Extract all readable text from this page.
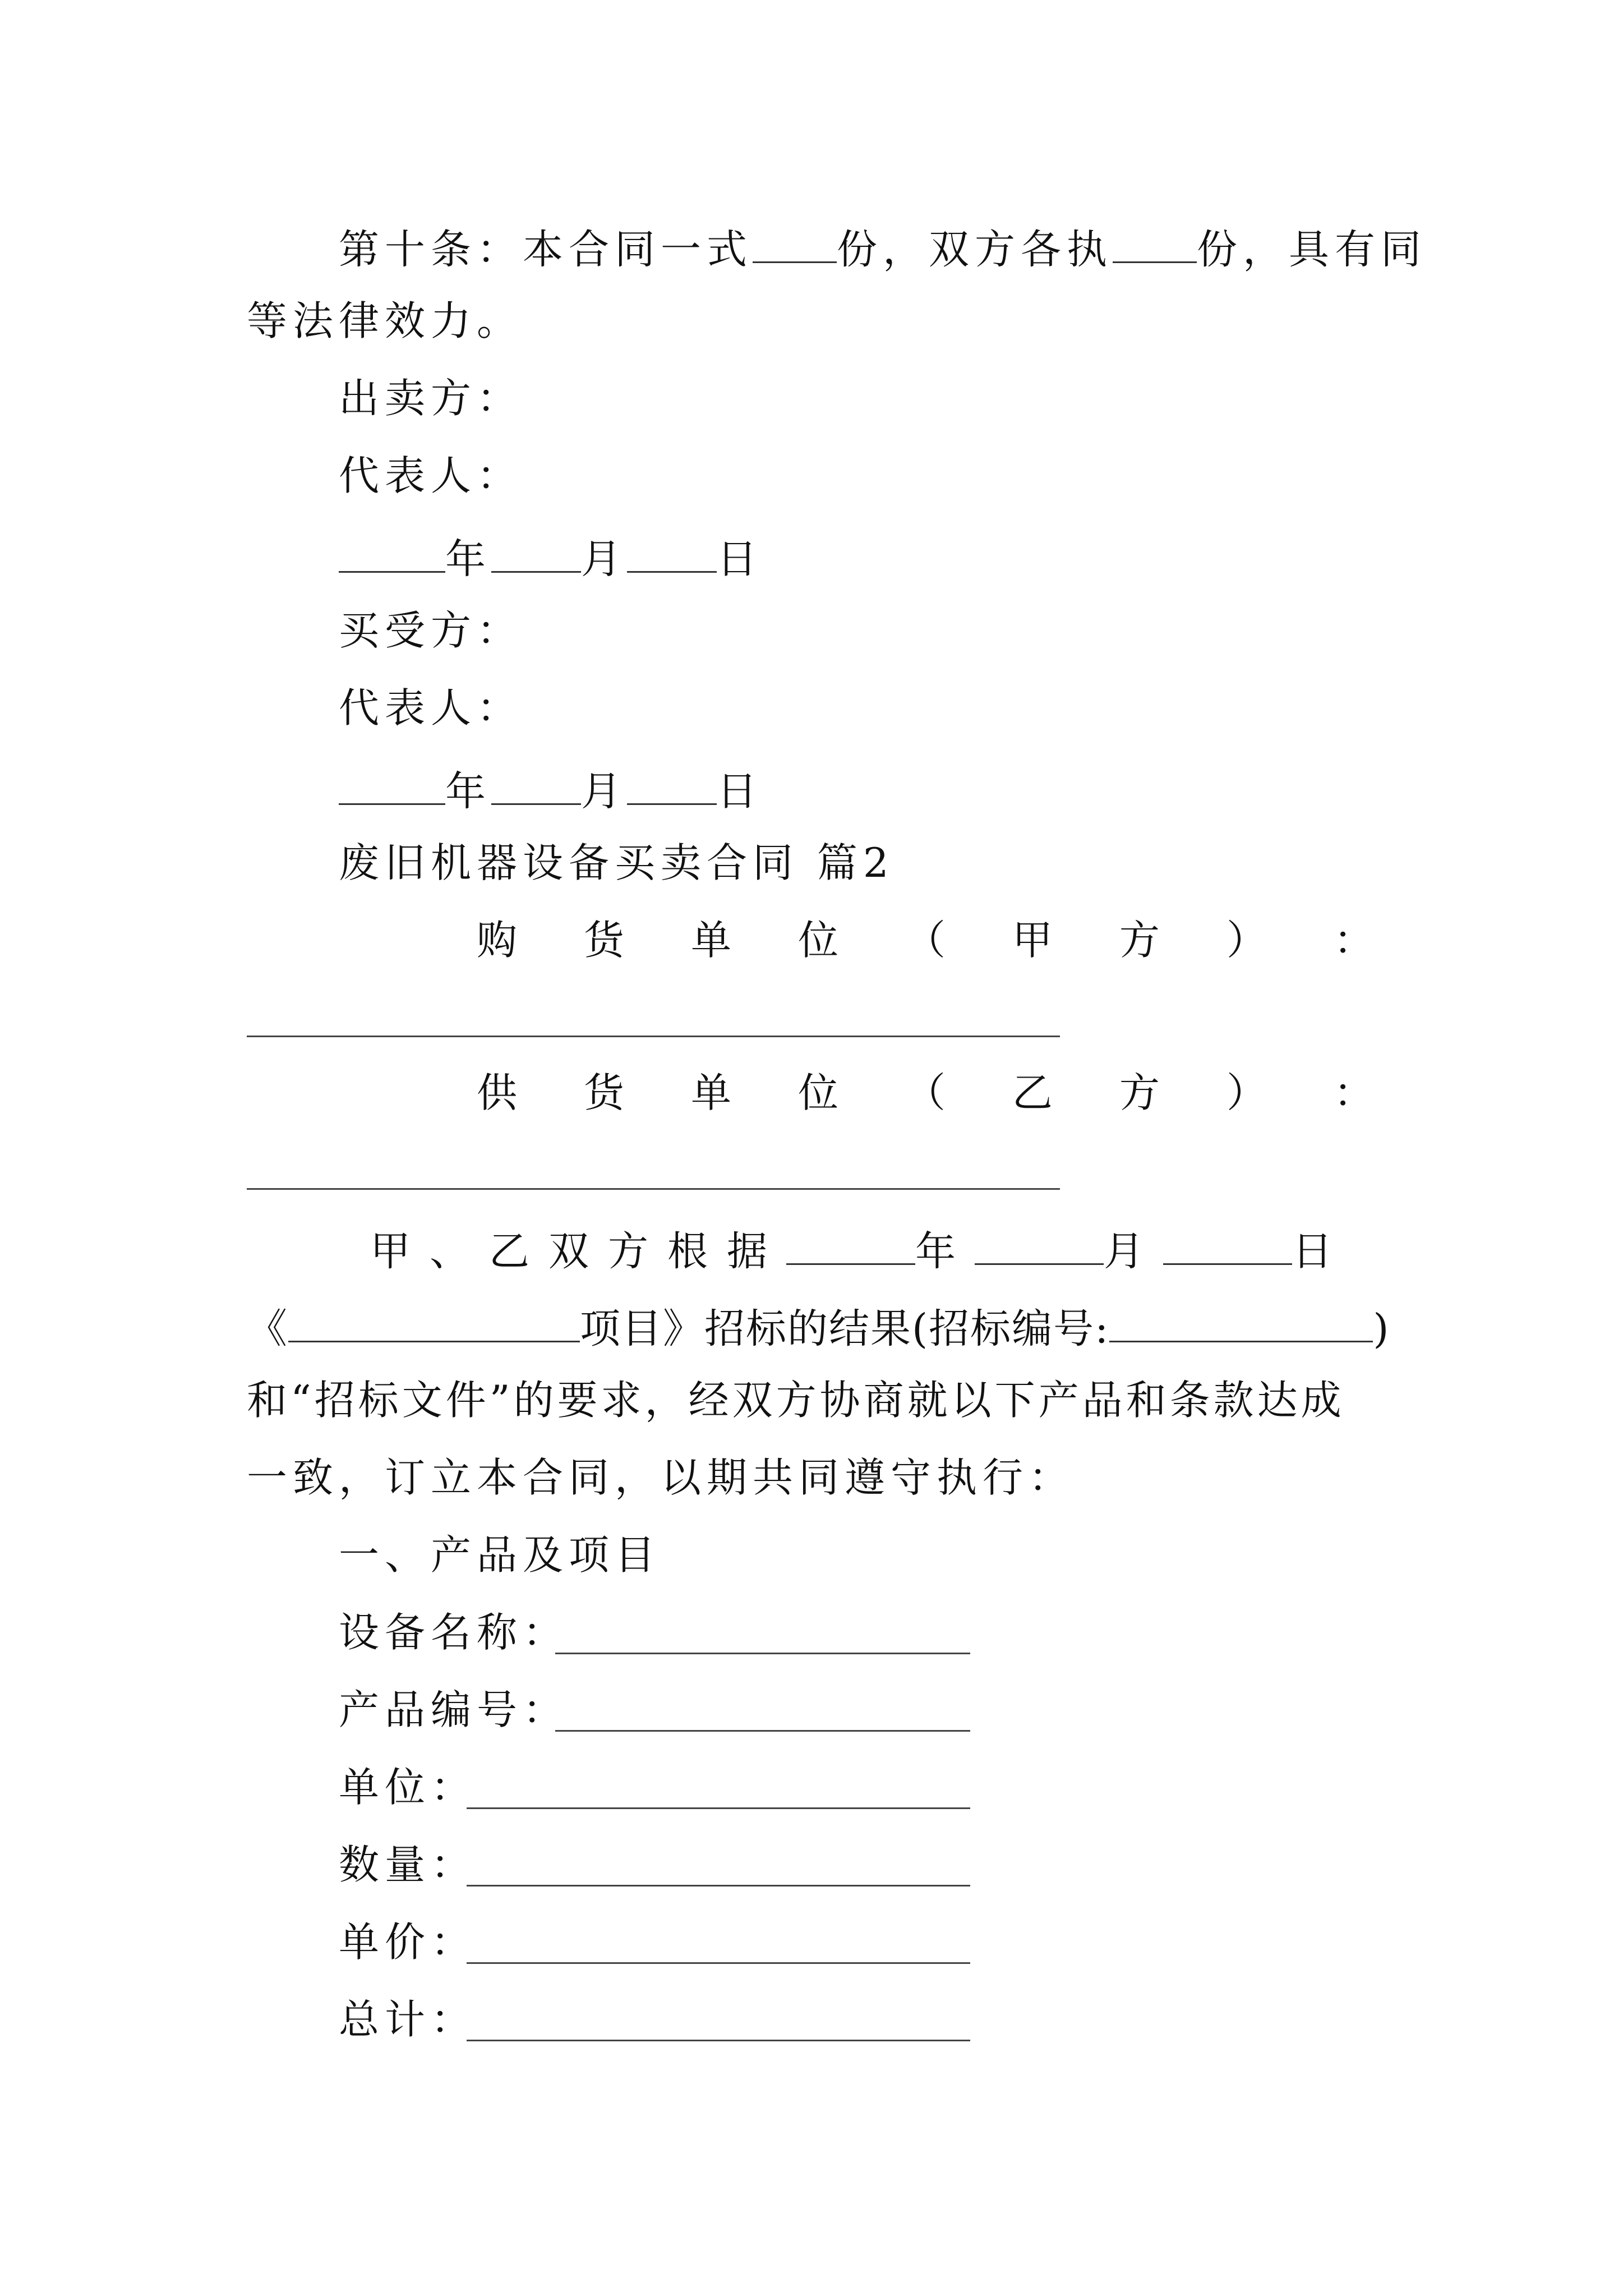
第十条：本合同一式 份，双方各执 份，具有同
等法律效力。
出卖方：
代表人：
年 月 日
买受方：
代表人：
年 月 日
废旧机器设备买卖合同 篇2
购 货 单 位 （ 甲 方 ） ：
供 货 单 位 （ 乙 方 ） ：
甲、乙双方根据	年	月	日
《	项目》招标的结果(招标编号:	)
和“招标文件”的要求，经双方协商就以下产品和条款达成
一致，订立本合同，以期共同遵守执行：
一、产品及项目
设备名称：
产品编号：
单位：
数量：
单价：
总计：
